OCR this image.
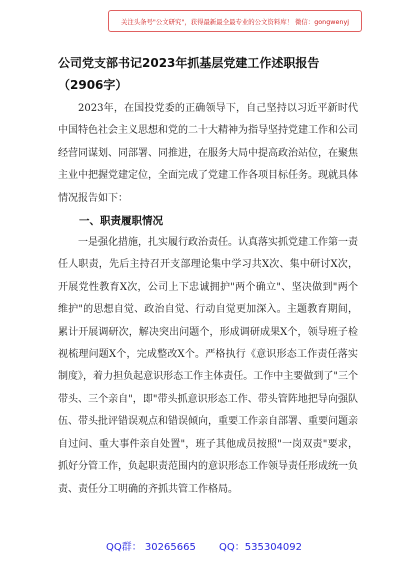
关注头条号"公文研究"，获得最新最全最专业的公文资料库！ 微信：gongwenyj

公司党支部书记2023年抓基层党建工作述职报告（2906字）

2023年，在国投党委的正确领导下，自己坚持以习近平新时代中国特色社会主义思想和党的二十大精神为指导坚持党建工作和公司经营同谋划、同部署、同推进，在服务大局中提高政治站位，在聚焦主业中把握党建定位，全面完成了党建工作各项目标任务。现就具体情况报告如下：

一、职责履职情况

一是强化措施，扎实履行政治责任。认真落实抓党建工作第一责任人职责，先后主持召开支部理论集中学习共X次、集中研讨X次，开展党性教育X次，公司上下忠诚拥护"两个确立"、坚决做到"两个维护"的思想自觉、政治自觉、行动自觉更加深入。主题教育期间，累计开展调研次，解决突出问题个，形成调研成果X个，领导班子检视梳理问题X个，完成整改X个。严格执行《意识形态工作责任落实制度》，着力担负起意识形态工作主体责任。工作中主要做到了"三个带头、三个亲自"，即"带头抓意识形态工作、带头管阵地把导向强队伍、带头批评错误观点和错误倾向，重要工作亲自部署、重要问题亲自过问、重大事件亲自处置"，班子其他成员按照"一岗双责"要求，抓好分管工作，负起职责范围内的意识形态工作领导责任形成统一负责、责任分工明确的齐抓共管工作格局。

QQ群： 30265665 QQ：535304092
